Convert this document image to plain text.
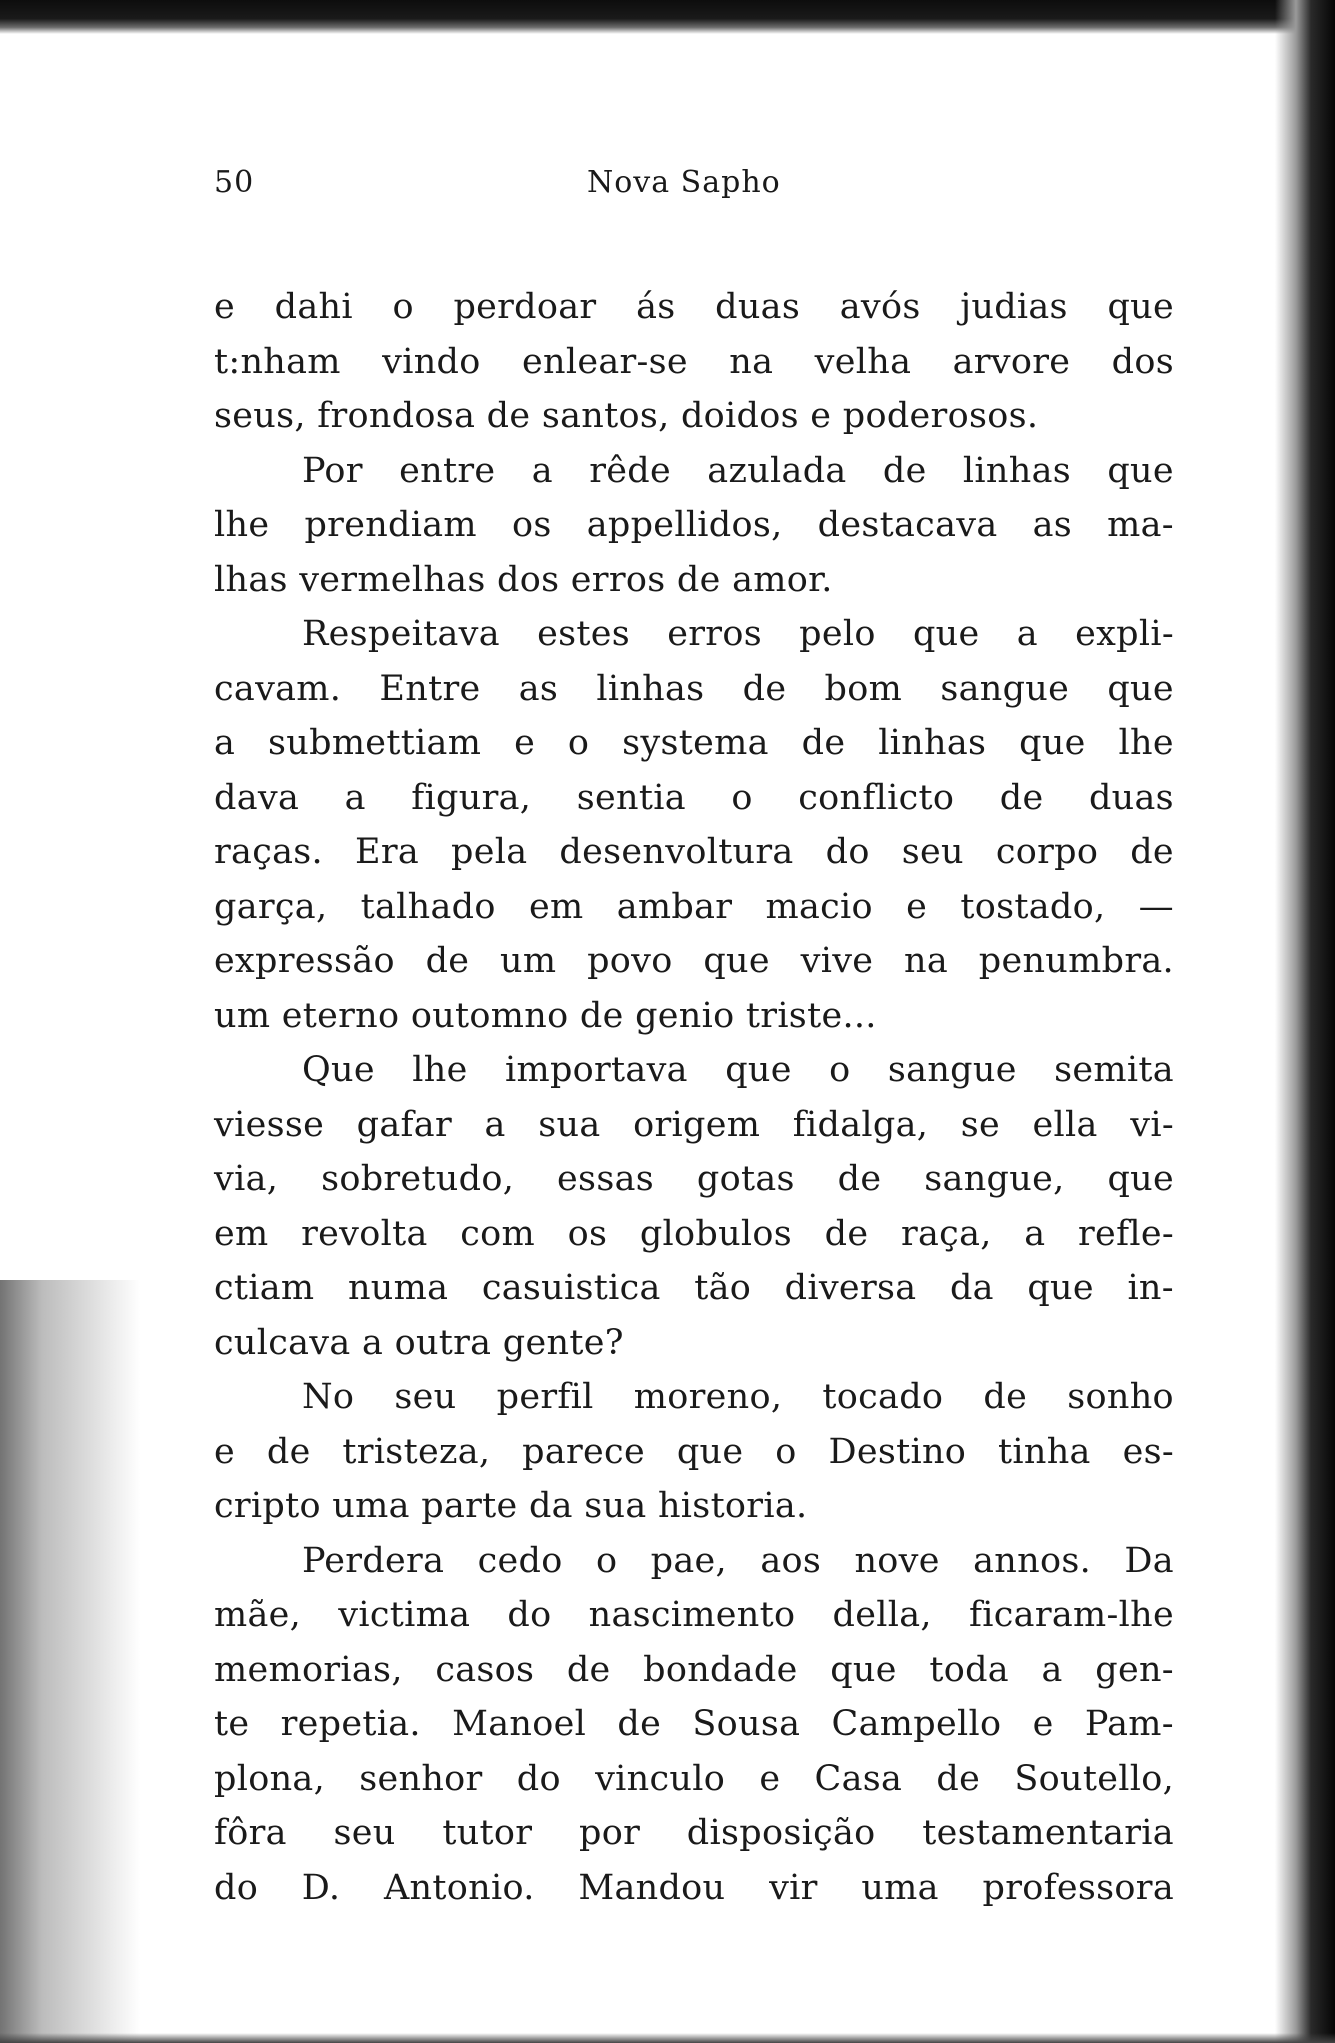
50	Nova Sapho
e dahi o perdoar ás duas avós judias que
t:nham vindo enlear-se na velha arvore dos
seus, frondosa de santos, doidos e poderosos.
Por entre a rêde azulada de linhas que
lhe prendiam os appellidos, destacava as ma-
lhas vermelhas dos erros de amor.
Respeitava estes erros pelo que a expli-
cavam. Entre as linhas de bom sangue que
a submettiam e o systema de linhas que lhe
dava a figura, sentia o conflicto de duas
raças. Era pela desenvoltura do seu corpo de
garça, talhado em ambar macio e tostado, —
expressão de um povo que vive na penumbra.
um eterno outomno de genio triste...
Que lhe importava que o sangue semita
viesse gafar a sua origem fidalga, se ella vi-
via, sobretudo, essas gotas de sangue, que
em revolta com os globulos de raça, a refle-
ctiam numa casuistica tão diversa da que in-
culcava a outra gente?
No seu perfil moreno, tocado de sonho
e de tristeza, parece que o Destino tinha es-
cripto uma parte da sua historia.
Perdera cedo o pae, aos nove annos. Da
mãe, victima do nascimento della, ficaram-lhe
memorias, casos de bondade que toda a gen-
te repetia. Manoel de Sousa Campello e Pam-
plona, senhor do vinculo e Casa de Soutello,
fôra seu tutor por disposição testamentaria
do D. Antonio. Mandou vir uma professora
